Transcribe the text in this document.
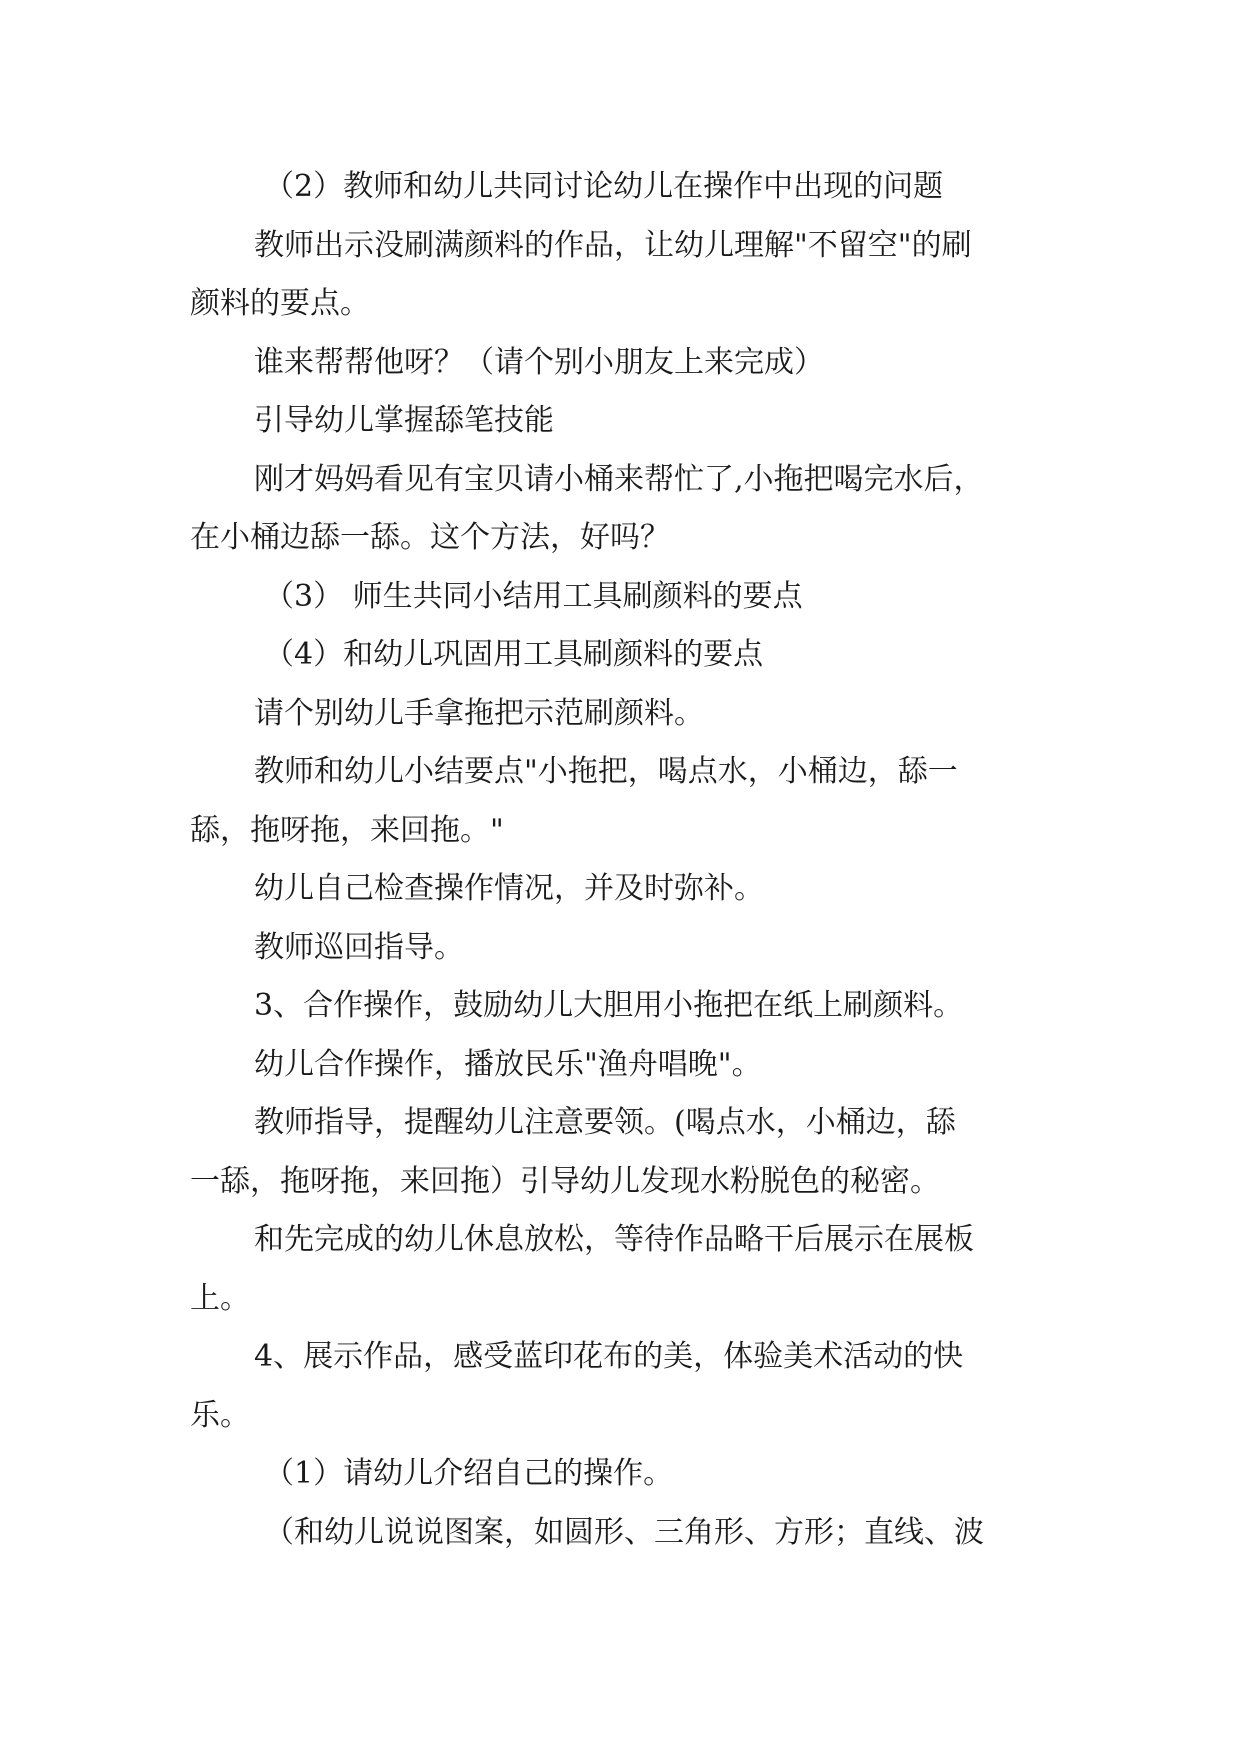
（2）教师和幼儿共同讨论幼儿在操作中出现的问题
教师出示没刷满颜料的作品，让幼儿理解"不留空"的刷
颜料的要点。
谁来帮帮他呀？（请个别小朋友上来完成）
引导幼儿掌握舔笔技能
刚才妈妈看见有宝贝请小桶来帮忙了,小拖把喝完水后，
在小桶边舔一舔。这个方法，好吗？
（3） 师生共同小结用工具刷颜料的要点
（4）和幼儿巩固用工具刷颜料的要点
请个别幼儿手拿拖把示范刷颜料。
教师和幼儿小结要点"小拖把，喝点水，小桶边，舔一
舔，拖呀拖，来回拖。"
幼儿自己检查操作情况，并及时弥补。
教师巡回指导。
3、合作操作，鼓励幼儿大胆用小拖把在纸上刷颜料。
幼儿合作操作，播放民乐"渔舟唱晚"。
教师指导，提醒幼儿注意要领。(喝点水，小桶边，舔
一舔，拖呀拖，来回拖）引导幼儿发现水粉脱色的秘密。
和先完成的幼儿休息放松，等待作品略干后展示在展板
上。
4、展示作品，感受蓝印花布的美，体验美术活动的快
乐。
（1）请幼儿介绍自己的操作。
（和幼儿说说图案，如圆形、三角形、方形；直线、波
